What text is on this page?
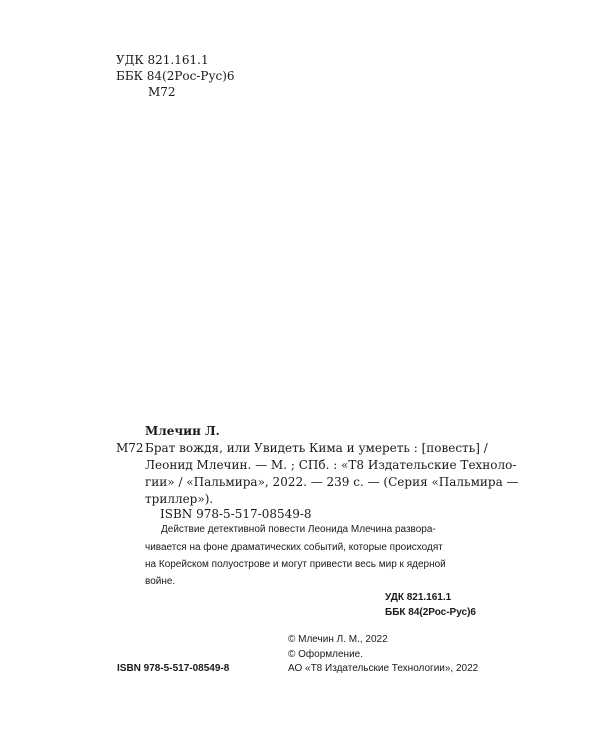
УДК 821.161.1
ББК 84(2Рос-Рус)6
М72
Млечин Л.
М72 Брат вождя, или Увидеть Кима и умереть : [повесть] /
Леонид Млечин. — М. ; СПб. : «Т8 Издательские Техноло-
гии» / «Пальмира», 2022. — 239 с. — (Серия «Пальмира —
триллер»).
ISBN 978-5-517-08549-8
Действие детективной повести Леонида Млечина разворa-
чивается на фоне драматических событий, которые происходят
на Корейском полуострове и могут привести весь мир к ядерной
войне.
УДК 821.161.1
ББК 84(2Рос-Рус)6
© Млечин Л. М., 2022
© Оформление.
АО «Т8 Издательские Технологии», 2022
ISBN 978-5-517-08549-8
